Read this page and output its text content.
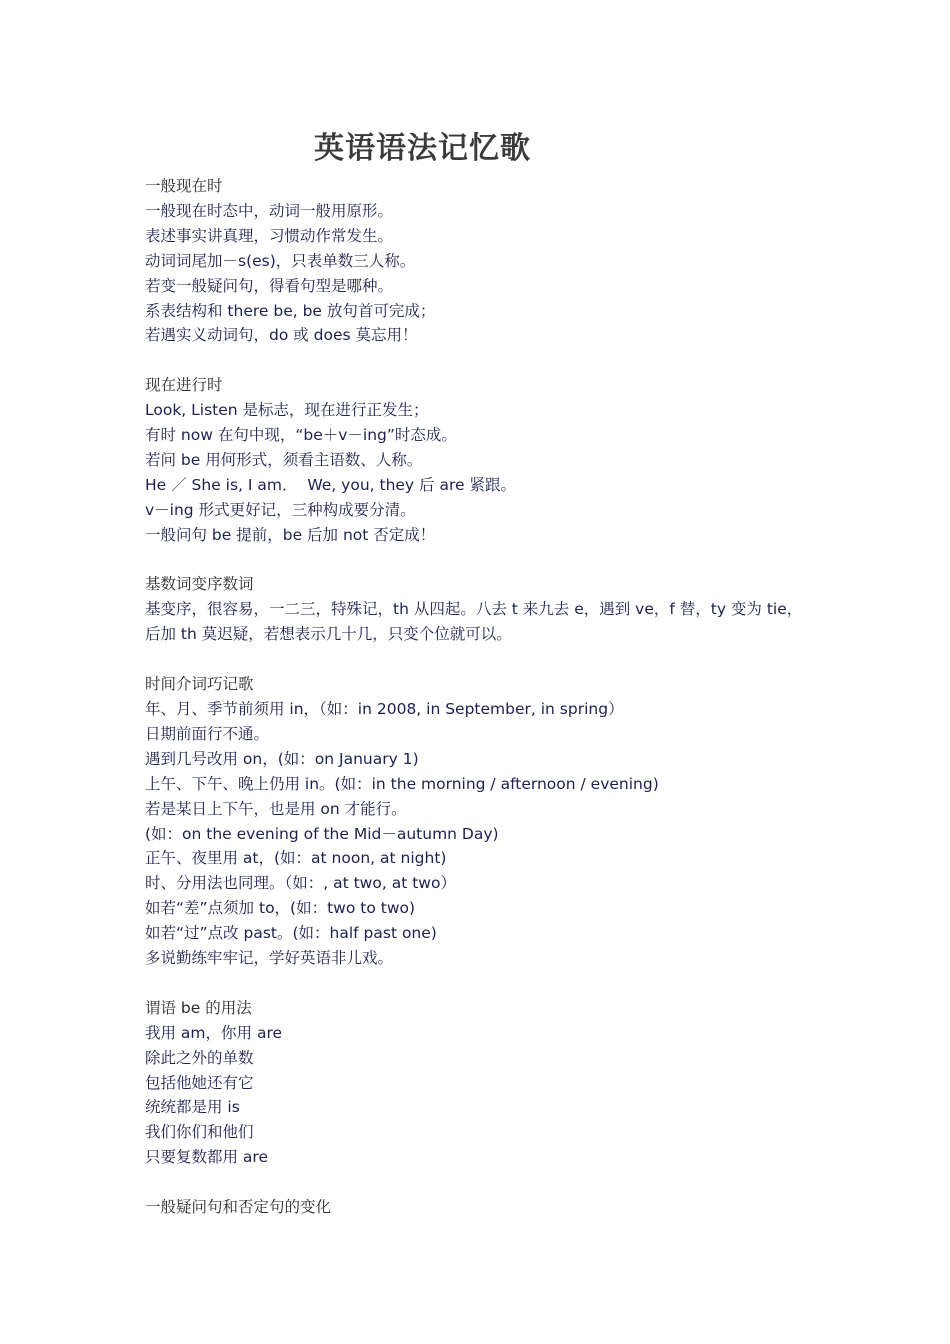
英语语法记忆歌
一般现在时
一般现在时态中，动词一般用原形。
表述事实讲真理，习惯动作常发生。
动词词尾加－s(es)，只表单数三人称。
若变一般疑问句，得看句型是哪种。
系表结构和 there be, be 放句首可完成；
若遇实义动词句，do 或 does 莫忘用！
现在进行时
Look, Listen 是标志，现在进行正发生；
有时 now 在句中现，“be＋v－ing”时态成。
若问 be 用何形式，须看主语数、人称。
He ／ She is, I am．  We, you, they 后 are 紧跟。
v－ing 形式更好记，三种构成要分清。
一般问句 be 提前，be 后加 not 否定成！
基数词变序数词
基变序，很容易，一二三，特殊记，th 从四起。八去 t 来九去 e，遇到 ve，f 替，ty 变为 tie，后加 th 莫迟疑，若想表示几十几，只变个位就可以。
时间介词巧记歌
年、月、季节前须用 in，（如：in 2008, in September, in spring）
日期前面行不通。
遇到几号改用 on，(如：on January 1)
上午、下午、晚上仍用 in。(如：in the morning / afternoon / evening)
若是某日上下午，也是用 on 才能行。
(如：on the evening of the Mid－autumn Day)
正午、夜里用 at，(如：at noon, at night)
时、分用法也同理。（如：, at two, at two）
如若“差”点须加 to，(如：two to two)
如若“过”点改 past。(如：half past one)
多说勤练牢牢记，学好英语非儿戏。
谓语 be 的用法
我用 am，你用 are
除此之外的单数
包括他她还有它
统统都是用 is
我们你们和他们
只要复数都用 are
一般疑问句和否定句的变化
